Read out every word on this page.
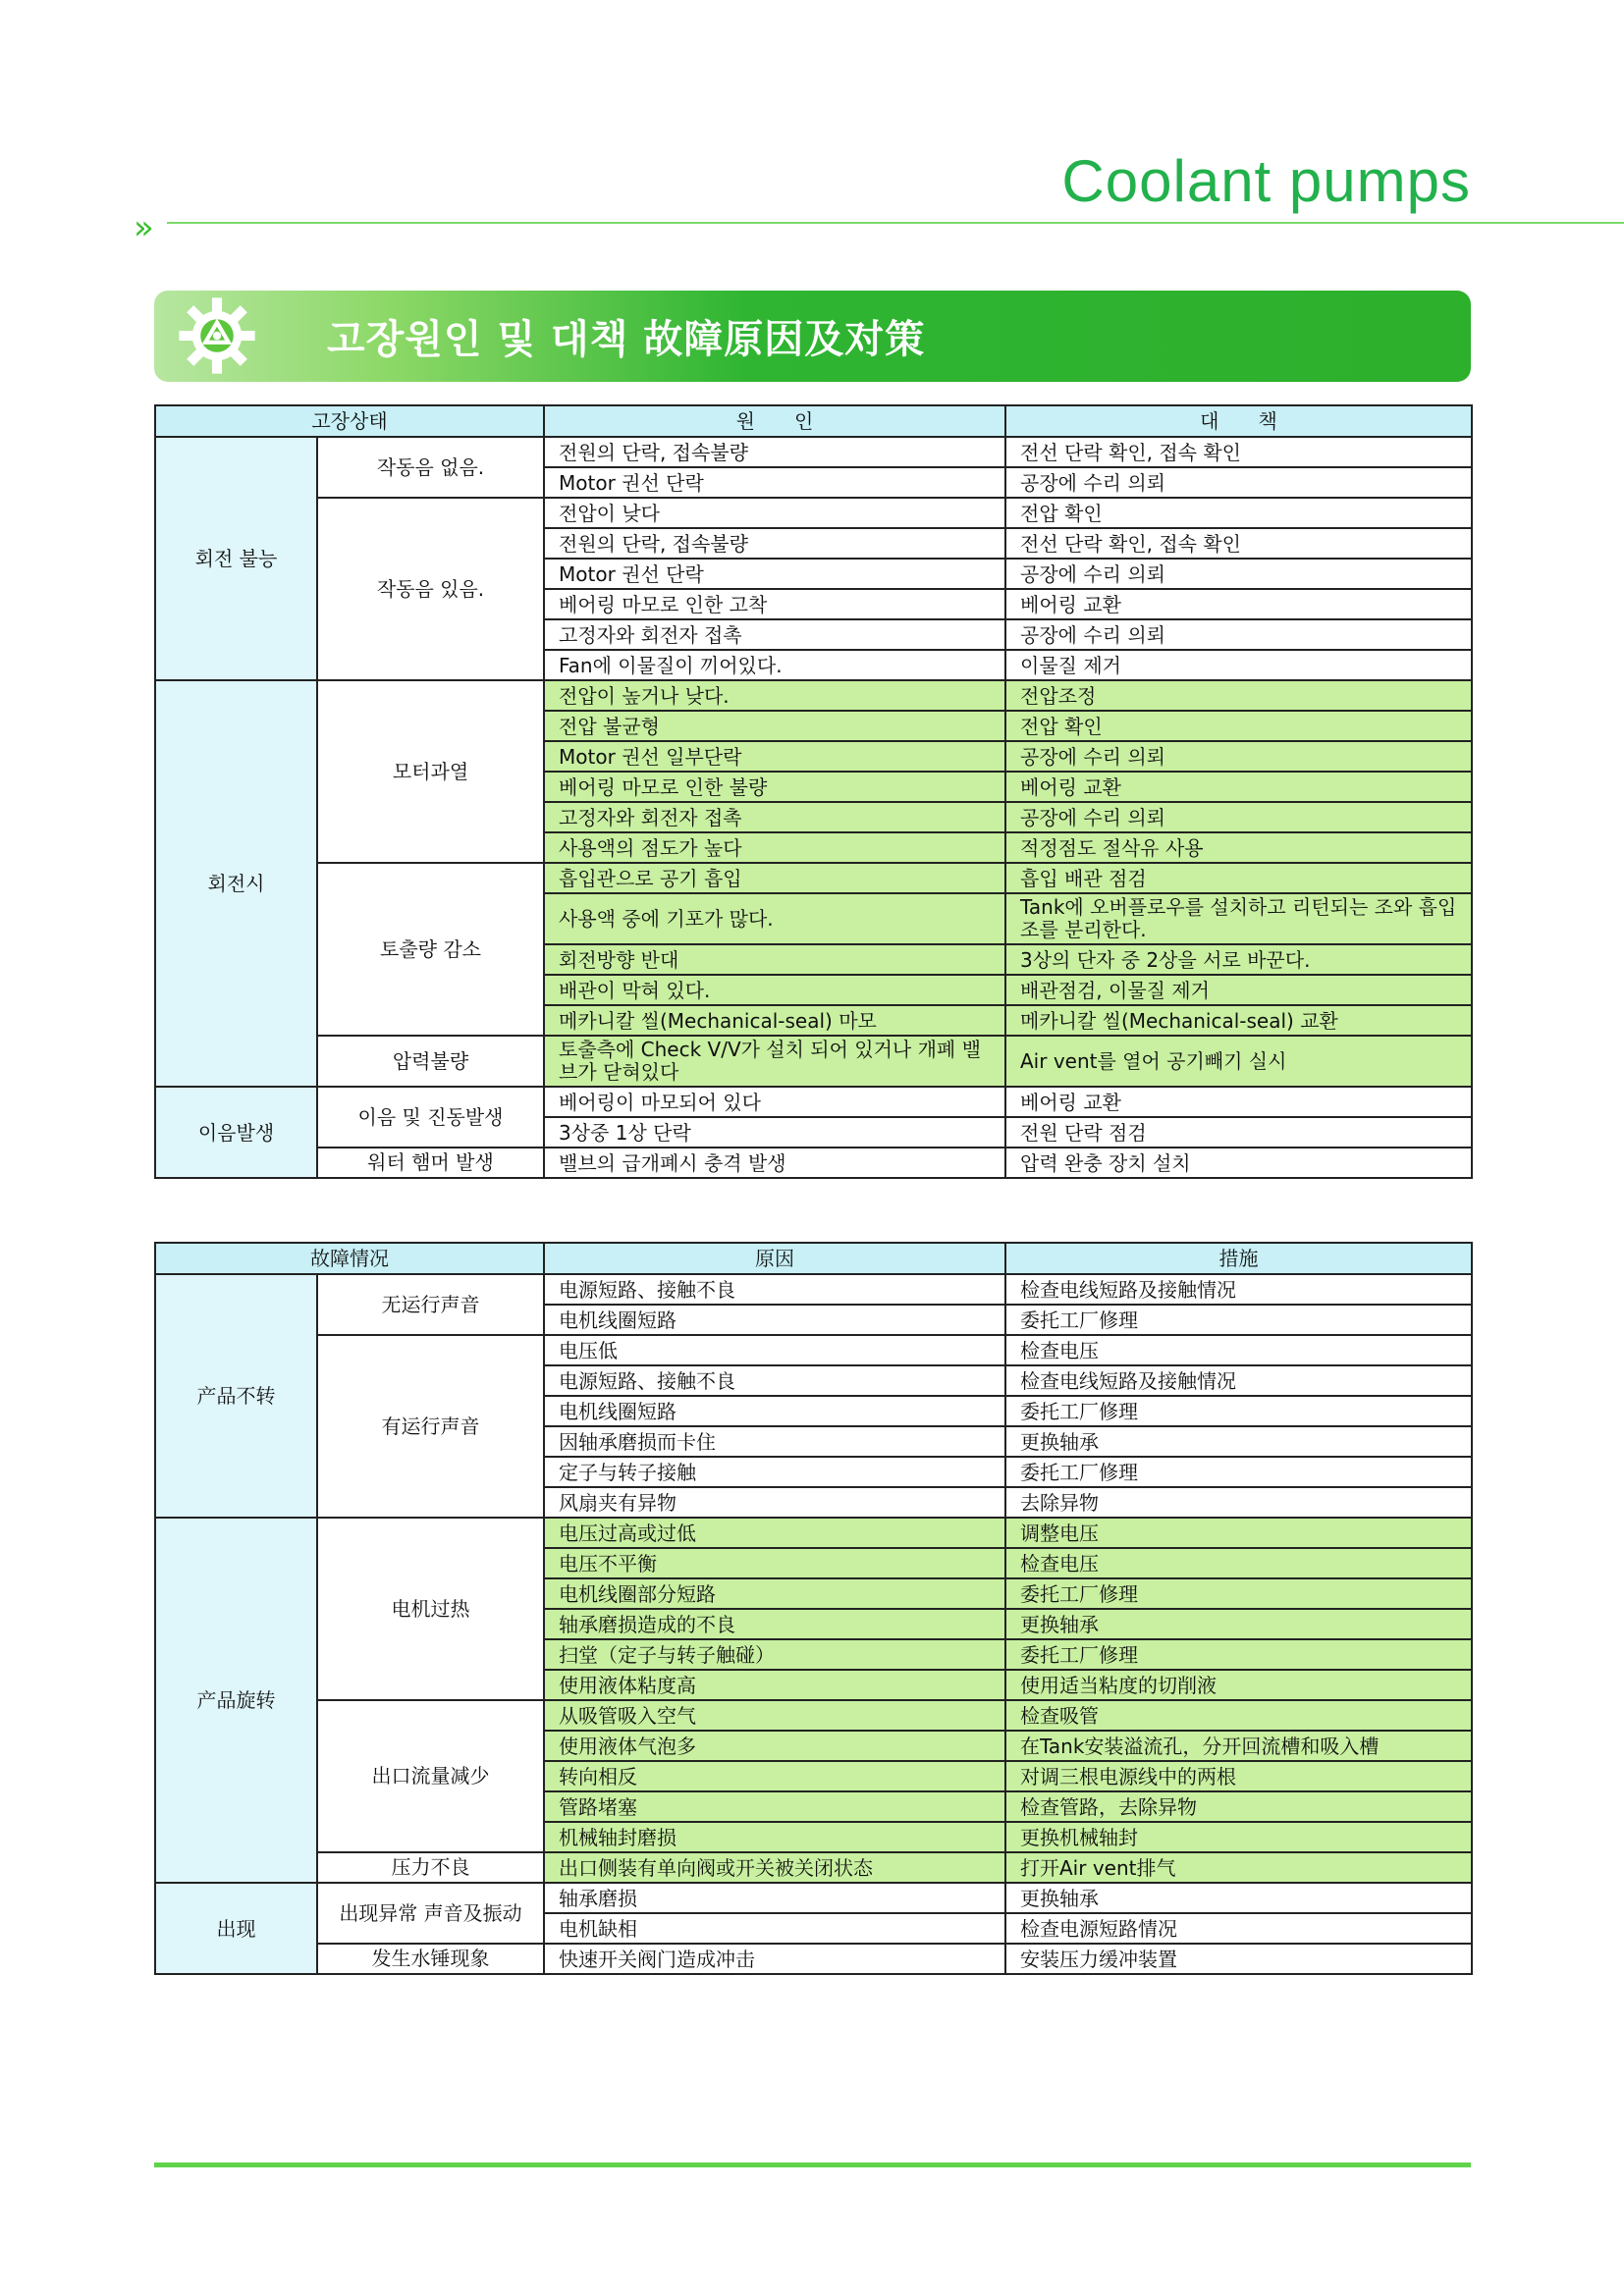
Coolant pumps
»
고장원인 및 대책 故障原因及对策
고장상태		원　　인	대　　책
회전 불능	작동음 없음.	전원의 단락, 접속불량	전선 단락 확인, 접속 확인
		Motor 권선 단락	공장에 수리 의뢰
	작동음 있음.	전압이 낮다	전압 확인
		전원의 단락, 접속불량	전선 단락 확인, 접속 확인
		Motor 권선 단락	공장에 수리 의뢰
		베어링 마모로 인한 고착	베어링 교환
		고정자와 회전자 접촉	공장에 수리 의뢰
		Fan에 이물질이 끼어있다.	이물질 제거
회전시	모터과열	전압이 높거나 낮다.	전압조정
		전압 불균형	전압 확인
		Motor 권선 일부단락	공장에 수리 의뢰
		베어링 마모로 인한 불량	베어링 교환
		고정자와 회전자 접촉	공장에 수리 의뢰
		사용액의 점도가 높다	적정점도 절삭유 사용
	토출량 감소	흡입관으로 공기 흡입	흡입 배관 점검
		사용액 중에 기포가 많다.	Tank에 오버플로우를 설치하고 리턴되는 조와 흡입조를 분리한다.
		회전방향 반대	3상의 단자 중 2상을 서로 바꾼다.
		배관이 막혀 있다.	배관점검, 이물질 제거
		메카니칼 씰(Mechanical-seal) 마모	메카니칼 씰(Mechanical-seal) 교환
	압력불량	토출측에 Check V/V가 설치 되어 있거나 개폐 밸브가 닫혀있다	Air vent를 열어 공기빼기 실시
이음발생	이음 및 진동발생	베어링이 마모되어 있다	베어링 교환
		3상중 1상 단락	전원 단락 점검
	워터 햄머 발생	밸브의 급개폐시 충격 발생	압력 완충 장치 설치
故障情况		原因	措施
产品不转	无运行声音	电源短路、接触不良	检查电线短路及接触情况
		电机线圈短路	委托工厂修理
	有运行声音	电压低	检查电压
		电源短路、接触不良	检查电线短路及接触情况
		电机线圈短路	委托工厂修理
		因轴承磨损而卡住	更换轴承
		定子与转子接触	委托工厂修理
		风扇夹有异物	去除异物
产品旋转	电机过热	电压过高或过低	调整电压
		电压不平衡	检查电压
		电机线圈部分短路	委托工厂修理
		轴承磨损造成的不良	更换轴承
		扫堂（定子与转子触碰）	委托工厂修理
		使用液体粘度高	使用适当粘度的切削液
	出口流量减少	从吸管吸入空气	检查吸管
		使用液体气泡多	在Tank安装溢流孔，分开回流槽和吸入槽
		转向相反	对调三根电源线中的两根
		管路堵塞	检查管路，去除异物
		机械轴封磨损	更换机械轴封
	压力不良	出口侧装有单向阀或开关被关闭状态	打开Air vent排气
出现	出现异常 声音及振动	轴承磨损	更换轴承
		电机缺相	检查电源短路情况
	发生水锤现象	快速开关阀门造成冲击	安装压力缓冲装置
